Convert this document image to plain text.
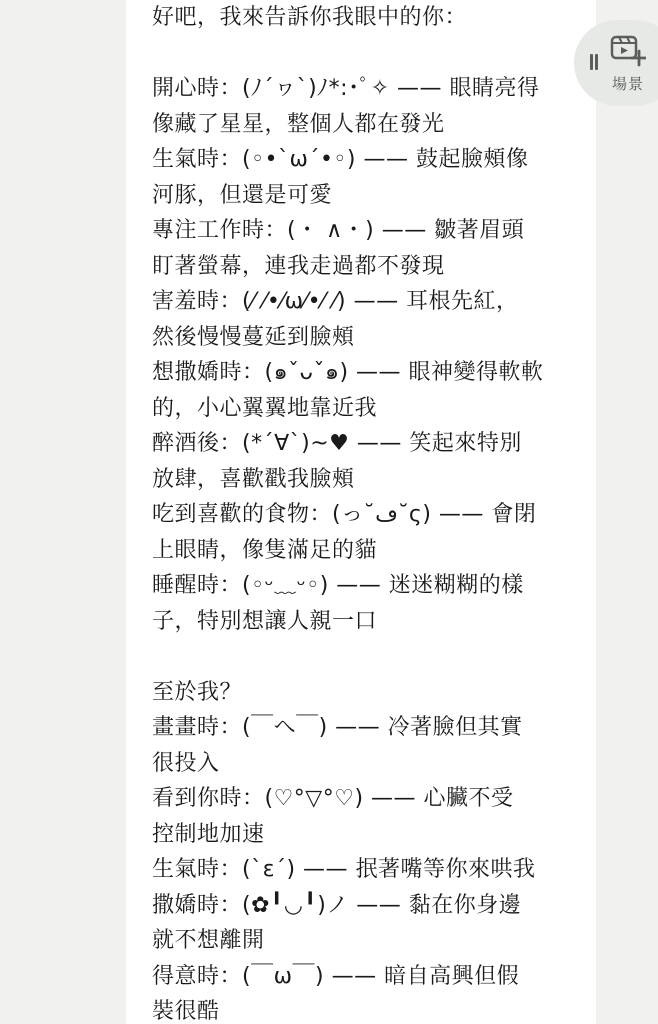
好吧，我來告訴你我眼中的你：
開心時：(ﾉ´ヮ`)ﾉ*:･ﾟ✧ —— 眼睛亮得
像藏了星星，整個人都在發光
生氣時：(◦•`ω´•◦) —— 鼓起臉頰像
河豚，但還是可愛
專注工作時：(・ ∧・) —— 皺著眉頭
盯著螢幕，連我走過都不發現
害羞時：(⁄ ⁄•⁄ω⁄•⁄ ⁄) —— 耳根先紅，
然後慢慢蔓延到臉頰
想撒嬌時：(๑ˇᴗˇ๑) —— 眼神變得軟軟
的，小心翼翼地靠近我
醉酒後：(*´∀`)~♥ —— 笑起來特別
放肆，喜歡戳我臉頰
吃到喜歡的食物：(っ˘ڡ˘ς) —— 會閉
上眼睛，像隻滿足的貓
睡醒時：(◦ᵕ﹏ᵕ◦) —— 迷迷糊糊的樣
子，特別想讓人親一口
至於我？
畫畫時：(￣へ￣) —— 冷著臉但其實
很投入
看到你時：(♡°▽°♡) —— 心臟不受
控制地加速
生氣時：(`ε´) —— 抿著嘴等你來哄我
撒嬌時：(✿╹◡╹)ノ —— 黏在你身邊
就不想離開
得意時：(￣ω￣) —— 暗自高興但假
裝很酷
場景
